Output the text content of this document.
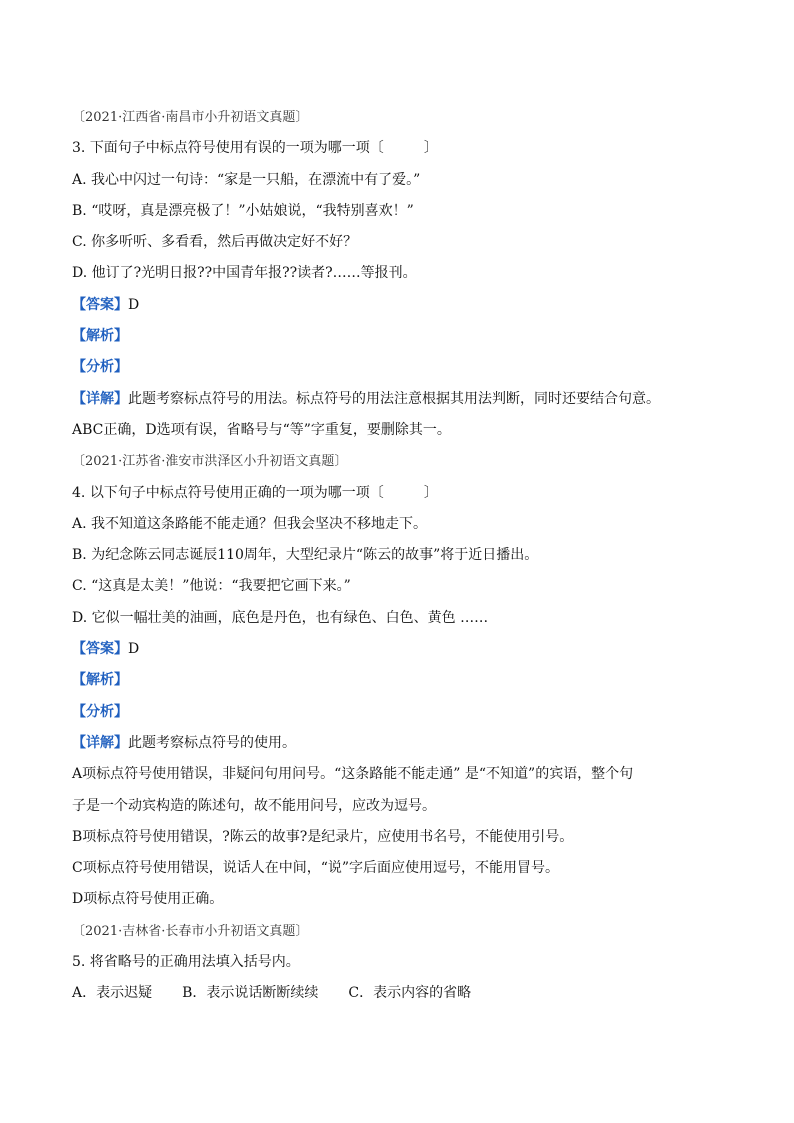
〔2021·江西省·南昌市小升初语文真题〕
3. 下面句子中标点符号使用有误的一项为哪一项〔	〕
A. 我心中闪过一句诗：“家是一只船，在漂流中有了爱。”
B. “哎呀，真是漂亮极了！”小姑娘说，“我特别喜欢！”
C. 你多听听、多看看，然后再做决定好不好？
D. 他订了?光明日报??中国青年报??读者?……等报刊。
【答案】D
【解析】
【分析】
【详解】此题考察标点符号的用法。标点符号的用法注意根据其用法判断，同时还要结合句意。
ABC正确，D选项有误，省略号与“等”字重复，要删除其一。
〔2021·江苏省·淮安市洪泽区小升初语文真题〕
4. 以下句子中标点符号使用正确的一项为哪一项〔	〕
A. 我不知道这条路能不能走通？但我会坚决不移地走下。
B. 为纪念陈云同志诞辰110周年，大型纪录片“陈云的故事”将于近日播出。
C. “这真是太美！”他说：“我要把它画下来。”
D. 它似一幅壮美的油画，底色是丹色，也有绿色、白色、黄色 ……
【答案】D
【解析】
【分析】
【详解】此题考察标点符号的使用。
A项标点符号使用错误，非疑问句用问号。“这条路能不能走通” 是“不知道”的宾语，整个句
子是一个动宾构造的陈述句，故不能用问号，应改为逗号。
B项标点符号使用错误，?陈云的故事?是纪录片，应使用书名号，不能使用引号。
C项标点符号使用错误，说话人在中间，“说”字后面应使用逗号，不能用冒号。
D项标点符号使用正确。
〔2021·吉林省·长春市小升初语文真题〕
5. 将省略号的正确用法填入括号内。
A．表示迟疑 B．表示说话断断续续 C．表示内容的省略
